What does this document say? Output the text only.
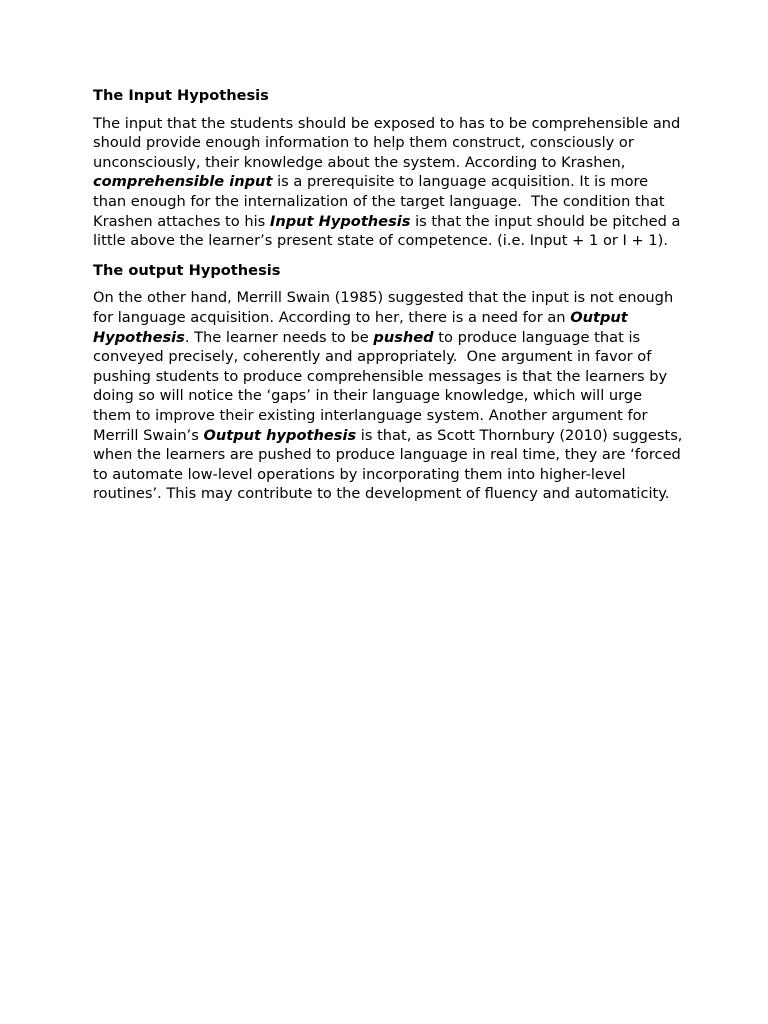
The Input Hypothesis

The input that the students should be exposed to has to be comprehensible and should provide enough information to help them construct, consciously or unconsciously, their knowledge about the system. According to Krashen, comprehensible input is a prerequisite to language acquisition. It is more than enough for the internalization of the target language.  The condition that Krashen attaches to his Input Hypothesis is that the input should be pitched a little above the learner’s present state of competence. (i.e. Input + 1 or I + 1).

The output Hypothesis

On the other hand, Merrill Swain (1985) suggested that the input is not enough for language acquisition. According to her, there is a need for an Output Hypothesis. The learner needs to be pushed to produce language that is conveyed precisely, coherently and appropriately.  One argument in favor of pushing students to produce comprehensible messages is that the learners by doing so will notice the ‘gaps’ in their language knowledge, which will urge them to improve their existing interlanguage system. Another argument for Merrill Swain’s Output hypothesis is that, as Scott Thornbury (2010) suggests, when the learners are pushed to produce language in real time, they are ‘forced to automate low-level operations by incorporating them into higher-level routines’. This may contribute to the development of fluency and automaticity.
